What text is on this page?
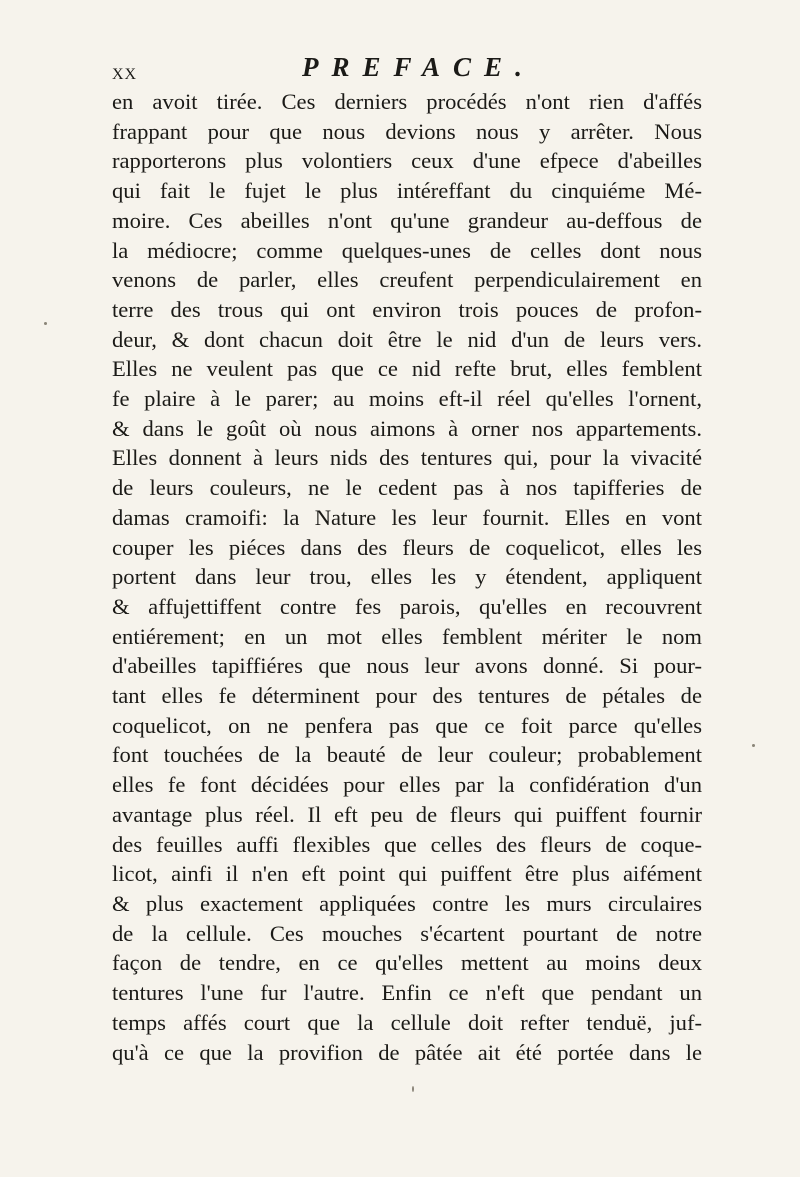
XX	PREFACE.
en avoit tirée. Ces derniers procédés n'ont rien d'affés
frappant pour que nous devions nous y arrêter. Nous
rapporterons plus volontiers ceux d'une efpece d'abeilles
qui fait le fujet le plus intéreffant du cinquiéme Mé-
moire. Ces abeilles n'ont qu'une grandeur au-deffous de
la médiocre; comme quelques-unes de celles dont nous
venons de parler, elles creufent perpendiculairement en
terre des trous qui ont environ trois pouces de profon-
deur, & dont chacun doit être le nid d'un de leurs vers.
Elles ne veulent pas que ce nid refte brut, elles femblent
fe plaire à le parer; au moins eft-il réel qu'elles l'ornent,
& dans le goût où nous aimons à orner nos appartements.
Elles donnent à leurs nids des tentures qui, pour la vivacité
de leurs couleurs, ne le cedent pas à nos tapifferies de
damas cramoifi: la Nature les leur fournit. Elles en vont
couper les piéces dans des fleurs de coquelicot, elles les
portent dans leur trou, elles les y étendent, appliquent
& affujettiffent contre fes parois, qu'elles en recouvrent
entiérement; en un mot elles femblent mériter le nom
d'abeilles tapiffiéres que nous leur avons donné. Si pour-
tant elles fe déterminent pour des tentures de pétales de
coquelicot, on ne penfera pas que ce foit parce qu'elles
font touchées de la beauté de leur couleur; probablement
elles fe font décidées pour elles par la confidération d'un
avantage plus réel. Il eft peu de fleurs qui puiffent fournir
des feuilles auffi flexibles que celles des fleurs de coque-
licot, ainfi il n'en eft point qui puiffent être plus aifément
& plus exactement appliquées contre les murs circulaires
de la cellule. Ces mouches s'écartent pourtant de notre
façon de tendre, en ce qu'elles mettent au moins deux
tentures l'une fur l'autre. Enfin ce n'eft que pendant un
temps affés court que la cellule doit refter tenduë, juf-
qu'à ce que la provifion de pâtée ait été portée dans le
